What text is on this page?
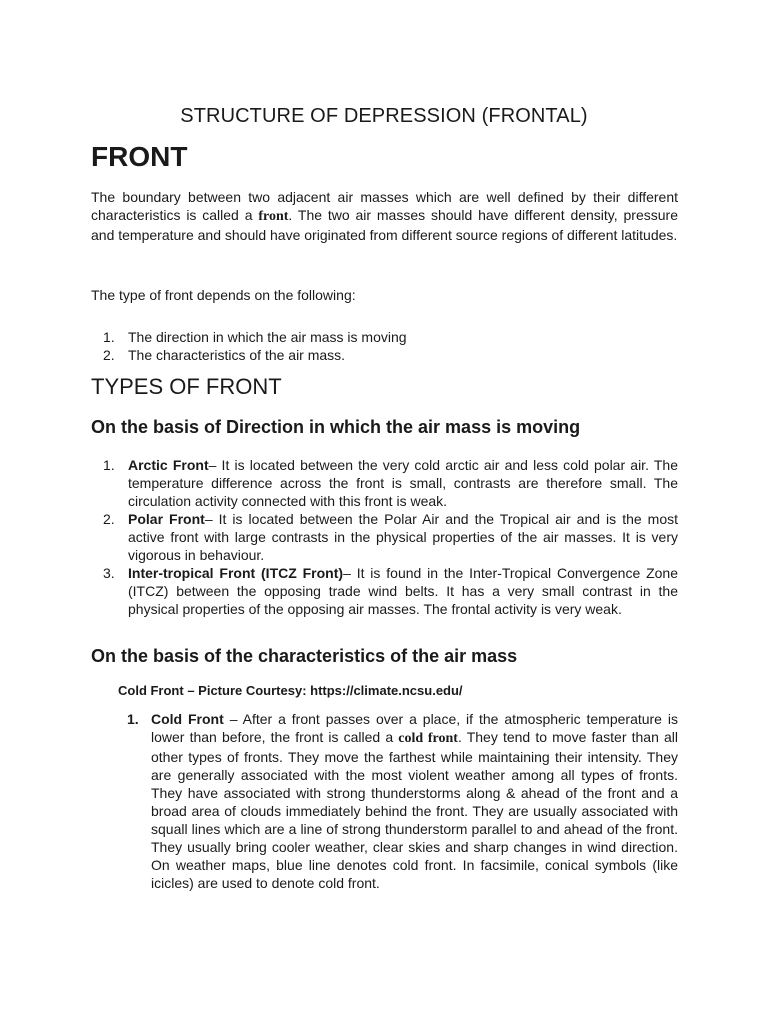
STRUCTURE OF DEPRESSION (FRONTAL)
FRONT
The boundary between two adjacent air masses which are well defined by their different characteristics is called a front. The two air masses should have different density, pressure and temperature and should have originated from different source regions of different latitudes.
The type of front depends on the following:
1. The direction in which the air mass is moving
2. The characteristics of the air mass.
TYPES OF FRONT
On the basis of Direction in which the air mass is moving
1. Arctic Front– It is located between the very cold arctic air and less cold polar air. The temperature difference across the front is small, contrasts are therefore small. The circulation activity connected with this front is weak.
2. Polar Front– It is located between the Polar Air and the Tropical air and is the most active front with large contrasts in the physical properties of the air masses. It is very vigorous in behaviour.
3. Inter-tropical Front (ITCZ Front)– It is found in the Inter-Tropical Convergence Zone (ITCZ) between the opposing trade wind belts. It has a very small contrast in the physical properties of the opposing air masses. The frontal activity is very weak.
On the basis of the characteristics of the air mass
Cold Front – Picture Courtesy: https://climate.ncsu.edu/
1. Cold Front – After a front passes over a place, if the atmospheric temperature is lower than before, the front is called a cold front. They tend to move faster than all other types of fronts. They move the farthest while maintaining their intensity. They are generally associated with the most violent weather among all types of fronts. They have associated with strong thunderstorms along & ahead of the front and a broad area of clouds immediately behind the front. They are usually associated with squall lines which are a line of strong thunderstorm parallel to and ahead of the front. They usually bring cooler weather, clear skies and sharp changes in wind direction. On weather maps, blue line denotes cold front. In facsimile, conical symbols (like icicles) are used to denote cold front.
